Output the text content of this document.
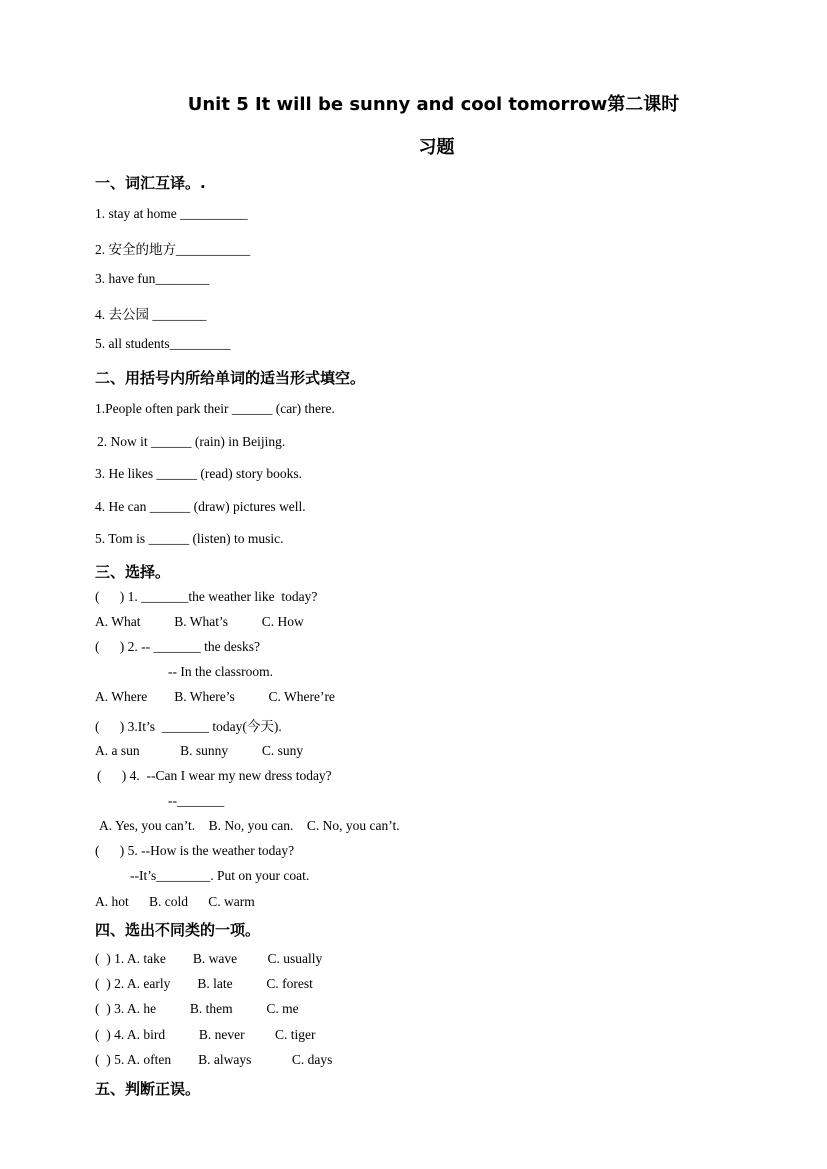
Unit 5 It will be sunny and cool tomorrow第二课时
习题
一、词汇互译。.
1. stay at home __________
2. 安全的地方___________
3. have fun________
4. 去公园 ________
5. all students_________
二、用括号内所给单词的适当形式填空。
1.People often park their ______ (car) there.
2. Now it ______ (rain) in Beijing.
3. He likes ______ (read) story books.
4. He can ______ (draw) pictures well.
5. Tom is ______ (listen) to music.
三、选择。
(      ) 1. _______the weather like  today?
A. What          B. What’s          C. How
(      ) 2. -- _______ the desks?
-- In the classroom.
A. Where        B. Where’s          C. Where’re
(      ) 3.It’s  _______ today(今天).
A. a sun            B. sunny          C. suny
(      ) 4.  --Can I wear my new dress today?
--_______
A. Yes, you can’t.    B. No, you can.    C. No, you can’t.
(      ) 5. --How is the weather today?
--It’s________. Put on your coat.
A. hot      B. cold      C. warm
四、选出不同类的一项。
(  ) 1. A. take        B. wave         C. usually
(  ) 2. A. early        B. late          C. forest
(  ) 3. A. he          B. them          C. me
(  ) 4. A. bird          B. never         C. tiger
(  ) 5. A. often        B. always            C. days
五、判断正误。
